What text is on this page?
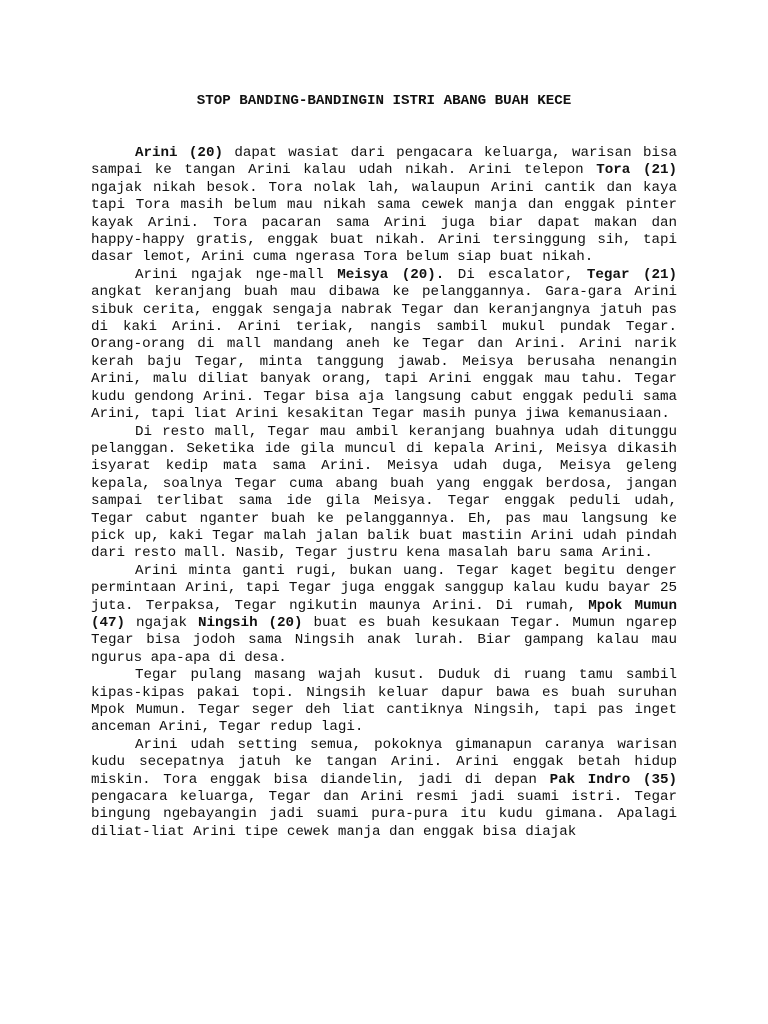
STOP BANDING-BANDINGIN ISTRI ABANG BUAH KECE

Arini (20) dapat wasiat dari pengacara keluarga, warisan bisa sampai ke tangan Arini kalau udah nikah. Arini telepon Tora (21) ngajak nikah besok. Tora nolak lah, walaupun Arini cantik dan kaya tapi Tora masih belum mau nikah sama cewek manja dan enggak pinter kayak Arini. Tora pacaran sama Arini juga biar dapat makan dan happy-happy gratis, enggak buat nikah. Arini tersinggung sih, tapi dasar lemot, Arini cuma ngerasa Tora belum siap buat nikah.

Arini ngajak nge-mall Meisya (20). Di escalator, Tegar (21) angkat keranjang buah mau dibawa ke pelanggannya. Gara-gara Arini sibuk cerita, enggak sengaja nabrak Tegar dan keranjangnya jatuh pas di kaki Arini. Arini teriak, nangis sambil mukul pundak Tegar. Orang-orang di mall mandang aneh ke Tegar dan Arini. Arini narik kerah baju Tegar, minta tanggung jawab. Meisya berusaha nenangin Arini, malu diliat banyak orang, tapi Arini enggak mau tahu. Tegar kudu gendong Arini. Tegar bisa aja langsung cabut enggak peduli sama Arini, tapi liat Arini kesakitan Tegar masih punya jiwa kemanusiaan.

Di resto mall, Tegar mau ambil keranjang buahnya udah ditunggu pelanggan. Seketika ide gila muncul di kepala Arini, Meisya dikasih isyarat kedip mata sama Arini. Meisya udah duga, Meisya geleng kepala, soalnya Tegar cuma abang buah yang enggak berdosa, jangan sampai terlibat sama ide gila Meisya. Tegar enggak peduli udah, Tegar cabut nganter buah ke pelanggannya. Eh, pas mau langsung ke pick up, kaki Tegar malah jalan balik buat mastiin Arini udah pindah dari resto mall. Nasib, Tegar justru kena masalah baru sama Arini.

Arini minta ganti rugi, bukan uang. Tegar kaget begitu denger permintaan Arini, tapi Tegar juga enggak sanggup kalau kudu bayar 25 juta. Terpaksa, Tegar ngikutin maunya Arini. Di rumah, Mpok Mumun (47) ngajak Ningsih (20) buat es buah kesukaan Tegar. Mumun ngarep Tegar bisa jodoh sama Ningsih anak lurah. Biar gampang kalau mau ngurus apa-apa di desa.

Tegar pulang masang wajah kusut. Duduk di ruang tamu sambil kipas-kipas pakai topi. Ningsih keluar dapur bawa es buah suruhan Mpok Mumun. Tegar seger deh liat cantiknya Ningsih, tapi pas inget anceman Arini, Tegar redup lagi.

Arini udah setting semua, pokoknya gimanapun caranya warisan kudu secepatnya jatuh ke tangan Arini. Arini enggak betah hidup miskin. Tora enggak bisa diandelin, jadi di depan Pak Indro (35) pengacara keluarga, Tegar dan Arini resmi jadi suami istri. Tegar bingung ngebayangin jadi suami pura-pura itu kudu gimana. Apalagi diliat-liat Arini tipe cewek manja dan enggak bisa diajak
